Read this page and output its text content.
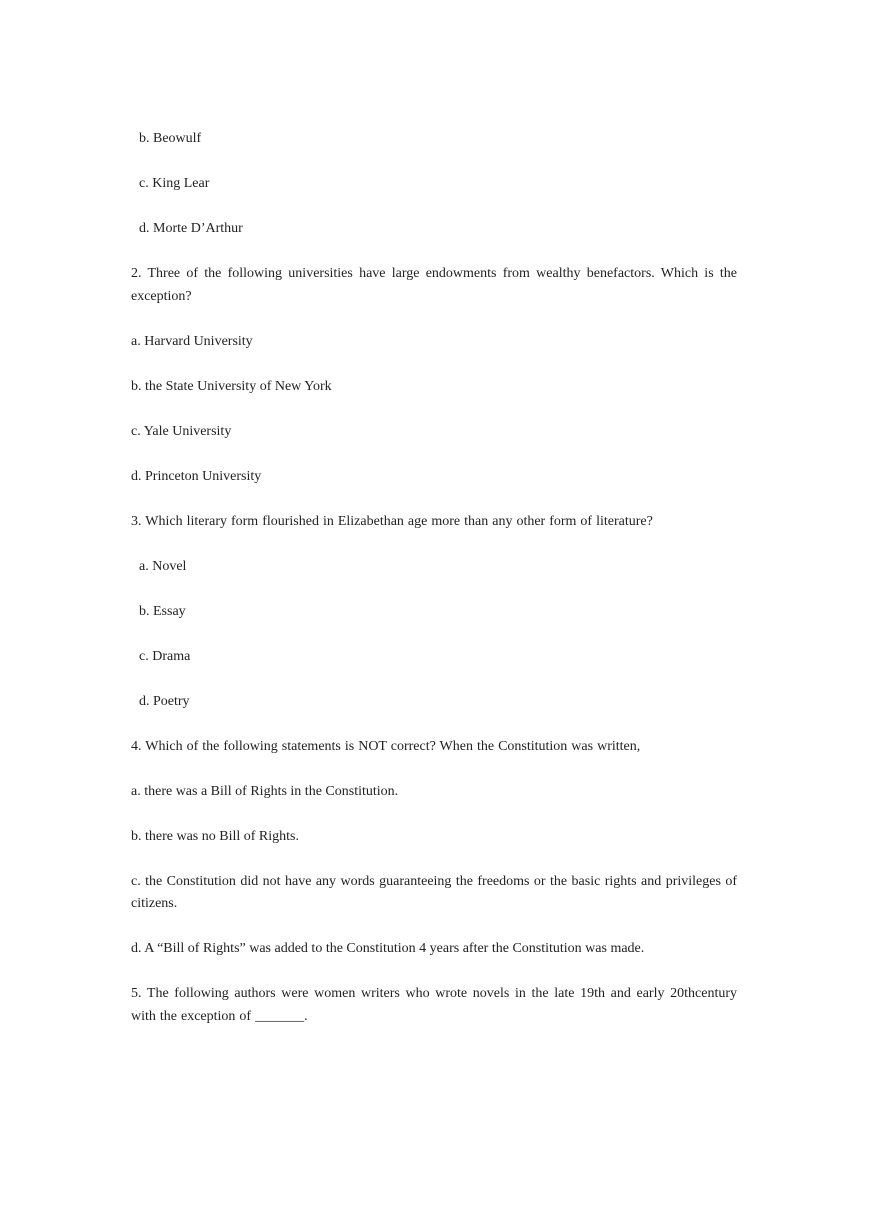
b. Beowulf

c. King Lear

d. Morte D’Arthur

2. Three of the following universities have large endowments from wealthy benefactors. Which is the exception?

a. Harvard University

b. the State University of New York

c. Yale University

d. Princeton University

3. Which literary form flourished in Elizabethan age more than any other form of literature?

a. Novel

b. Essay

c. Drama

d. Poetry

4. Which of the following statements is NOT correct? When the Constitution was written,

a. there was a Bill of Rights in the Constitution.

b. there was no Bill of Rights.

c. the Constitution did not have any words guaranteeing the freedoms or the basic rights and privileges of citizens.

d. A “Bill of Rights” was added to the Constitution 4 years after the Constitution was made.

5. The following authors were women writers who wrote novels in the late 19th and early 20thcentury with the exception of _______.
